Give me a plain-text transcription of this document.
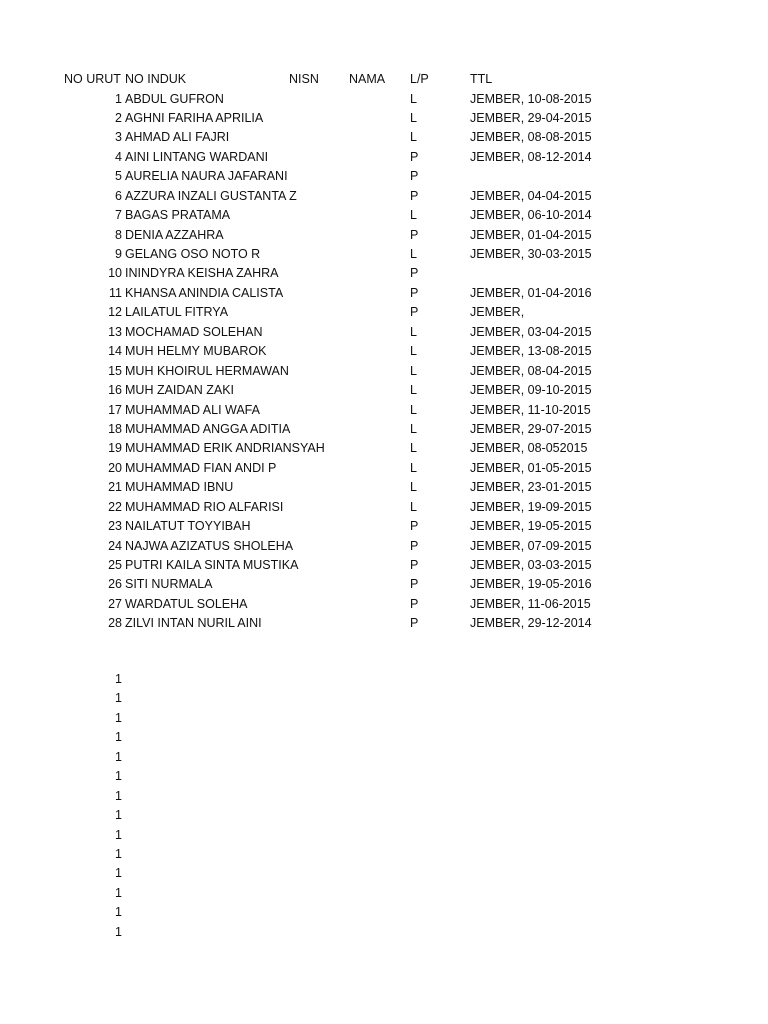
NO URUT NO INDUK	NISN NAMA L/P	TTL
1 ABDUL GUFRON	L	JEMBER, 10-08-2015
2 AGHNI FARIHA APRILIA	L	JEMBER, 29-04-2015
3 AHMAD ALI FAJRI	L	JEMBER, 08-08-2015
4 AINI LINTANG WARDANI	P	JEMBER, 08-12-2014
5 AURELIA NAURA JAFARANI	P
6 AZZURA INZALI GUSTANTA Z	P	JEMBER, 04-04-2015
7 BAGAS PRATAMA	L	JEMBER, 06-10-2014
8 DENIA AZZAHRA	P	JEMBER, 01-04-2015
9 GELANG OSO NOTO R	L	JEMBER, 30-03-2015
10 ININDYRA KEISHA ZAHRA	P
11 KHANSA ANINDIA CALISTA	P	JEMBER, 01-04-2016
12 LAILATUL FITRYA	P	JEMBER,
13 MOCHAMAD SOLEHAN	L	JEMBER, 03-04-2015
14 MUH HELMY MUBAROK	L	JEMBER, 13-08-2015
15 MUH KHOIRUL HERMAWAN	L	JEMBER, 08-04-2015
16 MUH ZAIDAN ZAKI	L	JEMBER, 09-10-2015
17 MUHAMMAD ALI WAFA	L	JEMBER, 11-10-2015
18 MUHAMMAD ANGGA ADITIA	L	JEMBER, 29-07-2015
19 MUHAMMAD ERIK ANDRIANSYAH	L	JEMBER, 08-052015
20 MUHAMMAD FIAN ANDI P	L	JEMBER, 01-05-2015
21 MUHAMMAD IBNU	L	JEMBER, 23-01-2015
22 MUHAMMAD RIO ALFARISI	L	JEMBER, 19-09-2015
23 NAILATUT TOYYIBAH	P	JEMBER, 19-05-2015
24 NAJWA AZIZATUS SHOLEHA	P	JEMBER, 07-09-2015
25 PUTRI KAILA SINTA MUSTIKA	P	JEMBER, 03-03-2015
26 SITI NURMALA	P	JEMBER, 19-05-2016
27 WARDATUL SOLEHA	P	JEMBER, 11-06-2015
28 ZILVI INTAN NURIL AINI	P	JEMBER, 29-12-2014
1
1
1
1
1
1
1
1
1
1
1
1
1
1
